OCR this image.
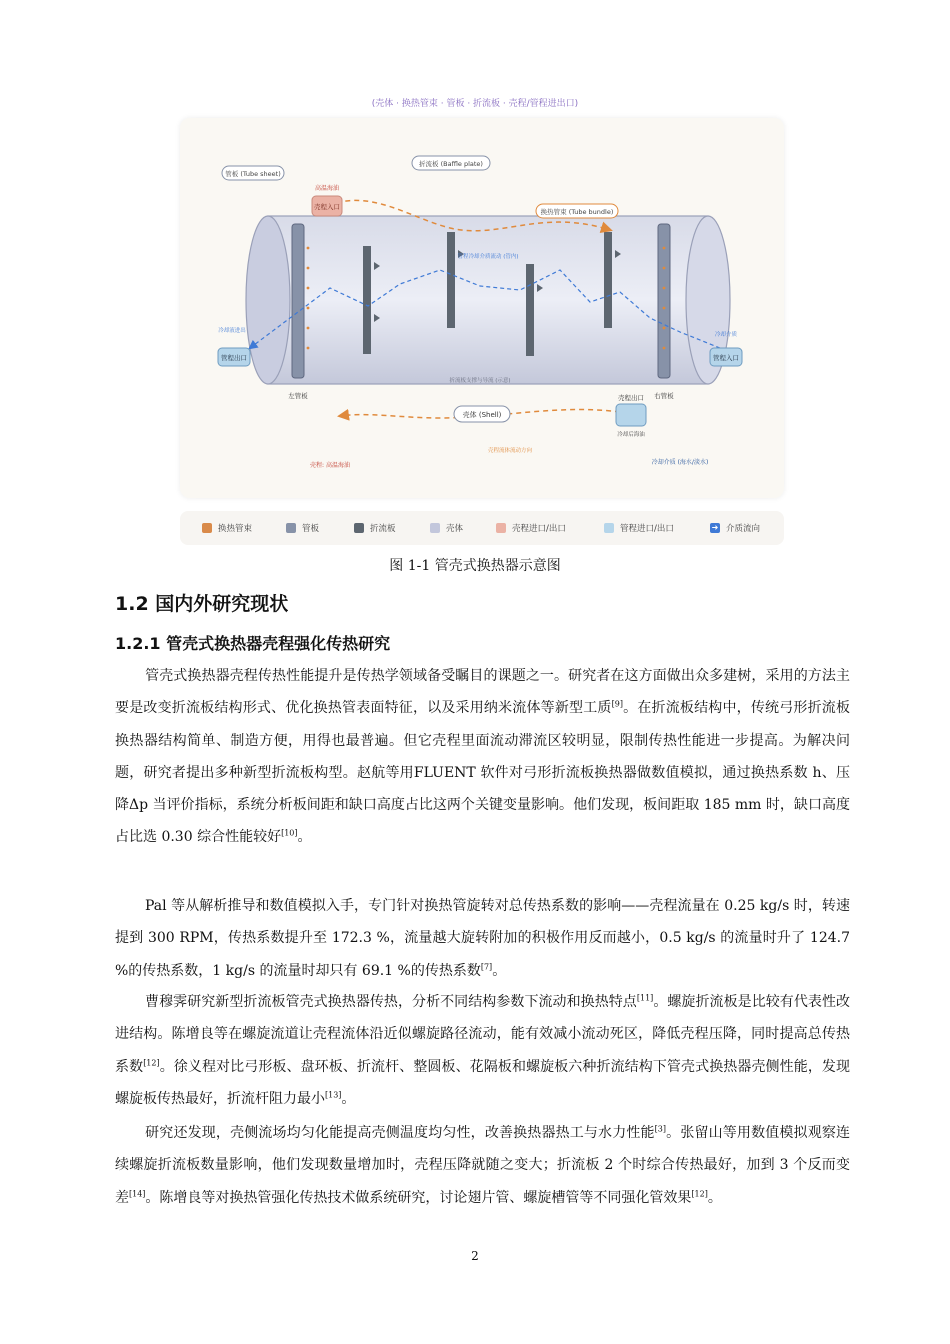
(壳体 · 换热管束 · 管板 · 折流板 · 壳程/管程进出口)
管板 (Tube sheet)
折流板 (Baffle plate)
换热管束 (Tube bundle)
高温海油
壳程入口
冷却液进出
管程出口
冷却介质
管程入口
左管板	右管板
壳体 (Shell)
壳程出口
冷却后海油
管程冷却介质流动 (管内)
折流板支撑与导流 (示意)
壳程流体流动方向
壳程: 高温海油	冷却介质 (海水/淡水)
换热管束	管板	折流板	壳体	壳程进口/出口	管程进口/出口	➜ 介质流向
图 1-1 管壳式换热器示意图
1.2 国内外研究现状
1.2.1 管壳式换热器壳程强化传热研究

管壳式换热器壳程传热性能提升是传热学领域备受瞩目的课题之一。研究者在这方面做出众多建树，采用的方法主要是改变折流板结构形式、优化换热管表面特征，以及采用纳米流体等新型工质[9]。在折流板结构中，传统弓形折流板换热器结构简单、制造方便，用得也最普遍。但它壳程里面流动滞流区较明显，限制传热性能进一步提高。为解决问题，研究者提出多种新型折流板构型。赵航等用FLUENT 软件对弓形折流板换热器做数值模拟，通过换热系数 h、压降Δp 当评价指标，系统分析板间距和缺口高度占比这两个关键变量影响。他们发现，板间距取 185 mm 时，缺口高度占比选 0.30 综合性能较好[10]。

Pal 等从解析推导和数值模拟入手，专门针对换热管旋转对总传热系数的影响——壳程流量在 0.25 kg/s 时，转速提到 300 RPM，传热系数提升至 172.3 %，流量越大旋转附加的积极作用反而越小，0.5 kg/s 的流量时升了 124.7 %的传热系数，1 kg/s 的流量时却只有 69.1 %的传热系数[7]。

曹穆霁研究新型折流板管壳式换热器传热，分析不同结构参数下流动和换热特点[11]。螺旋折流板是比较有代表性改进结构。陈增良等在螺旋流道让壳程流体沿近似螺旋路径流动，能有效减小流动死区，降低壳程压降，同时提高总传热系数[12]。徐义程对比弓形板、盘环板、折流杆、整圆板、花隔板和螺旋板六种折流结构下管壳式换热器壳侧性能，发现螺旋板传热最好，折流杆阻力最小[13]。

研究还发现，壳侧流场均匀化能提高壳侧温度均匀性，改善换热器热工与水力性能[3]。张留山等用数值模拟观察连续螺旋折流板数量影响，他们发现数量增加时，壳程压降就随之变大；折流板 2 个时综合传热最好，加到 3 个反而变差[14]。陈增良等对换热管强化传热技术做系统研究，讨论翅片管、螺旋槽管等不同强化管效果[12]。

2
